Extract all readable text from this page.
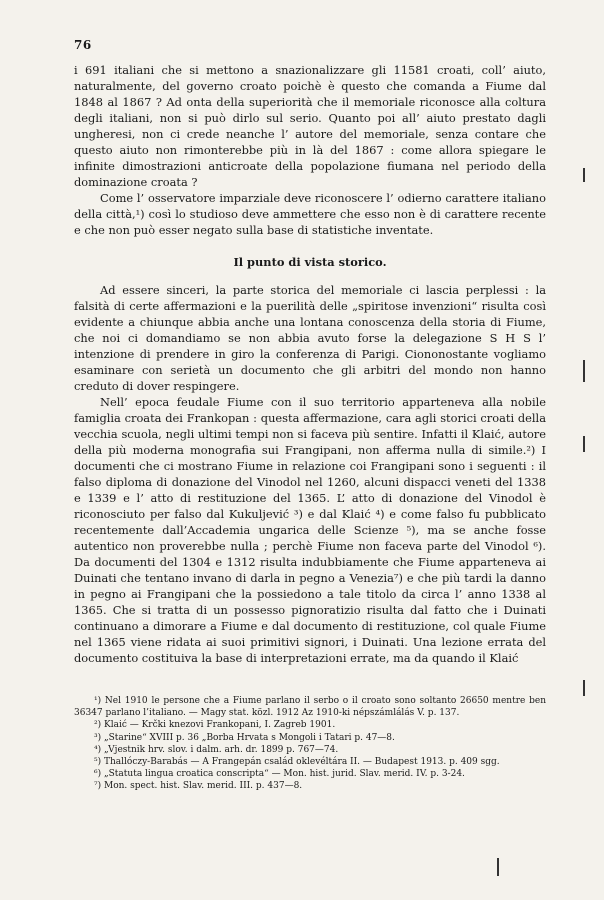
76

i 691 italiani che si mettono a snazionalizzare gli 11581 croati, coll’ aiuto, naturalmente, del governo croato poichè è questo che comanda a Fiume dal 1848 al 1867 ? Ad onta della superiorità che il memoriale riconosce alla coltura degli italiani, non si può dirlo sul serio. Quanto poi all’ aiuto prestato dagli ungheresi, non ci crede neanche l’ autore del memoriale, senza contare che questo aiuto non rimonterebbe più in là del 1867 : come allora spiegare le infinite dimostrazioni anticroate della popolazione fiumana nel periodo della dominazione croata ?

Come l’ osservatore imparziale deve riconoscere l’ odierno carattere italiano della città,¹) così lo studioso deve ammettere che esso non è di carattere recente e che non può esser negato sulla base di statistiche inventate.

Il punto di vista storico.

Ad essere sinceri, la parte storica del memoriale ci lascia perplessi : la falsità di certe affermazioni e la puerilità delle „spiritose invenzioni“ risulta così evidente a chiunque abbia anche una lontana conoscenza della storia di Fiume, che noi ci domandiamo se non abbia avuto forse la delegazione S H S l’ intenzione di prendere in giro la conferenza di Parigi. Ciononostante vogliamo esaminare con serietà un documento che gli arbitri del mondo non hanno creduto di dover respingere.

Nell’ epoca feudale Fiume con il suo territorio apparteneva alla nobile famiglia croata dei Frankopan : questa affermazione, cara agli storici croati della vecchia scuola, negli ultimi tempi non si faceva più sentire. Infatti il Klaić, autore della più moderna monografia sui Frangipani, non afferma nulla di simile.²) I documenti che ci mostrano Fiume in relazione coi Frangipani sono i seguenti : il falso diploma di donazione del Vinodol nel 1260, alcuni dispacci veneti del 1338 e 1339 e l’ atto di restituzione del 1365. L’ atto di donazione del Vinodol è riconosciuto per falso dal Kukuljević ³) e dal Klaić ⁴) e come falso fu pubblicato recentemente dall’Accademia ungarica delle Scienze ⁵), ma se anche fosse autentico non proverebbe nulla ; perchè Fiume non faceva parte del Vinodol ⁶). Da documenti del 1304 e 1312 risulta indubbiamente che Fiume apparteneva ai Duinati che tentano invano di darla in pegno a Venezia⁷) e che più tardi la danno in pegno ai Frangipani che la possiedono a tale titolo da circa l’ anno 1338 al 1365. Che si tratta di un possesso pignoratizio risulta dal fatto che i Duinati continuano a dimorare a Fiume e dal documento di restituzione, col quale Fiume nel 1365 viene ridata ai suoi primitivi signori, i Duinati. Una lezione errata del documento costituiva la base di interpretazioni errate, ma da quando il Klaić

¹) Nel 1910 le persone che a Fiume parlano il serbo o il croato sono soltanto 26650 mentre ben 36347 parlano l’italiano. — Magy stat. közl. 1912 Az 1910-ki népszámlálás V. p. 137.

²) Klaić — Krčki knezovi Frankopani, I. Zagreb 1901.

³) „Starine“ XVIII p. 36 „Borba Hrvata s Mongoli i Tatari p. 47—8.

⁴) „Vjestnik hrv. slov. i dalm. arh. dr. 1899 p. 767—74.

⁵) Thallóczy-Barabás — A Frangepán család oklevéltára II. — Budapest 1913. p. 409 sgg.

⁶) „Statuta lingua croatica conscripta“ — Mon. hist. jurid. Slav. merid. IV. p. 3-24.

⁷) Mon. spect. hist. Slav. merid. III. p. 437—8.
